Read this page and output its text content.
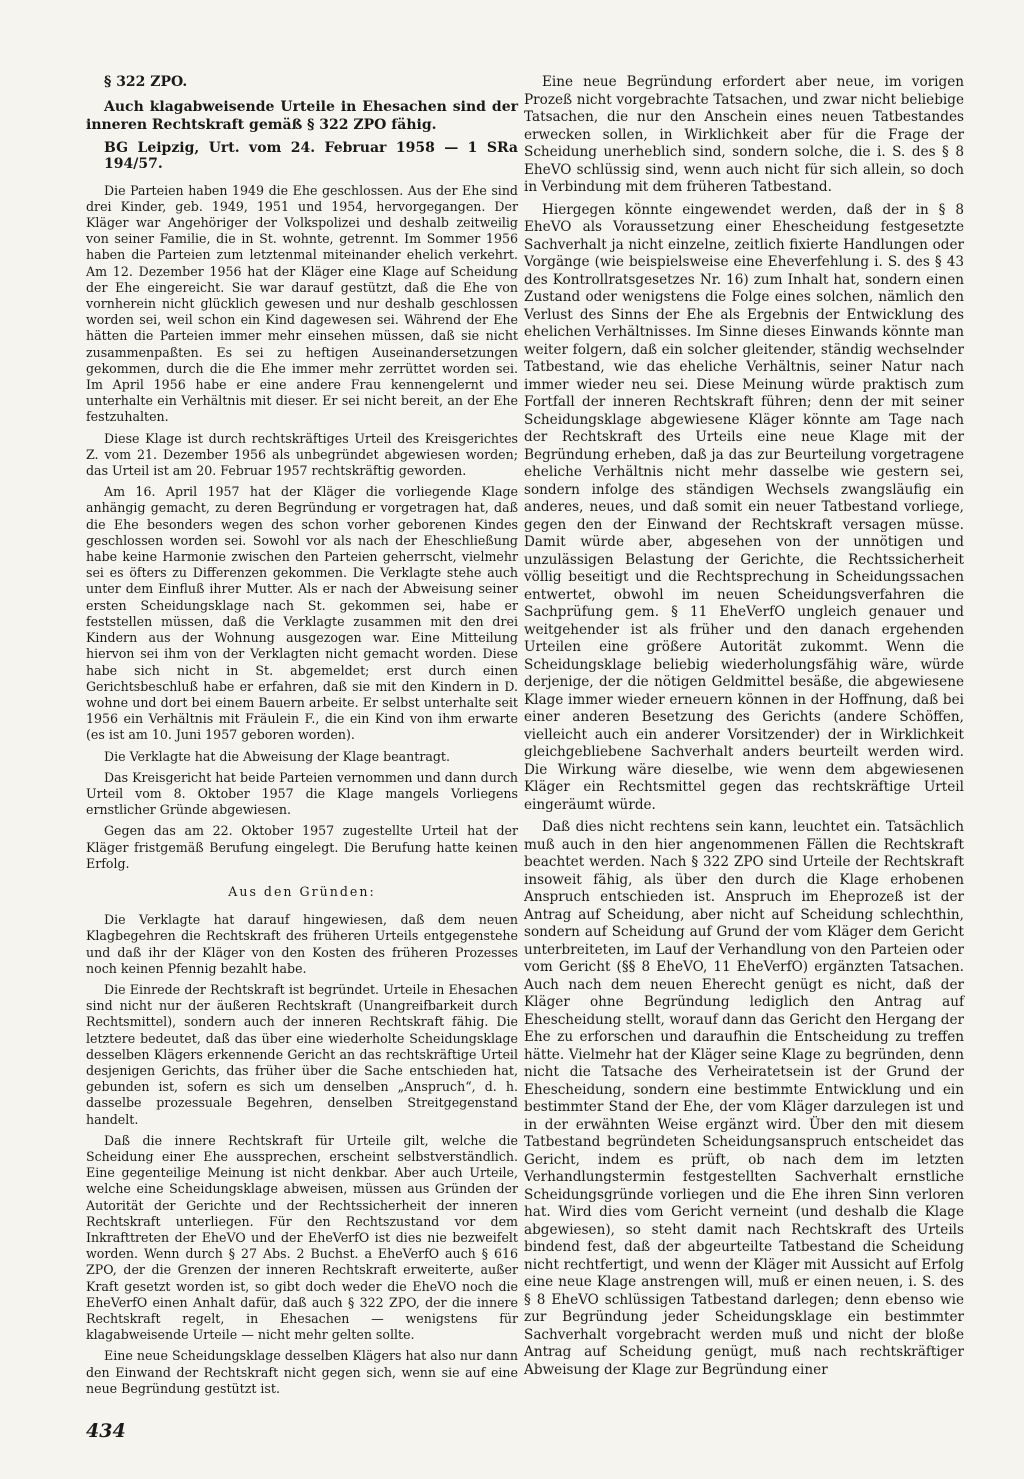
§ 322 ZPO.
Auch klagabweisende Urteile in Ehesachen sind der inneren Rechtskraft gemäß § 322 ZPO fähig.
BG Leipzig, Urt. vom 24. Februar 1958 — 1 SRa 194/57.

Die Parteien haben 1949 die Ehe geschlossen. Aus der Ehe sind drei Kinder, geb. 1949, 1951 und 1954, hervorgegangen. Der Kläger war Angehöriger der Volkspolizei und deshalb zeitweilig von seiner Familie, die in St. wohnte, getrennt. Im Sommer 1956 haben die Parteien zum letztenmal miteinander ehelich verkehrt. Am 12. Dezember 1956 hat der Kläger eine Klage auf Scheidung der Ehe eingereicht. Sie war darauf gestützt, daß die Ehe von vornherein nicht glücklich gewesen und nur deshalb geschlossen worden sei, weil schon ein Kind dagewesen sei. Während der Ehe hätten die Parteien immer mehr einsehen müssen, daß sie nicht zusammenpaßten. Es sei zu heftigen Auseinandersetzungen gekommen, durch die die Ehe immer mehr zerrüttet worden sei. Im April 1956 habe er eine andere Frau kennengelernt und unterhalte ein Verhältnis mit dieser. Er sei nicht bereit, an der Ehe festzuhalten.

Diese Klage ist durch rechtskräftiges Urteil des Kreisgerichtes Z. vom 21. Dezember 1956 als unbegründet abgewiesen worden; das Urteil ist am 20. Februar 1957 rechtskräftig geworden.

Am 16. April 1957 hat der Kläger die vorliegende Klage anhängig gemacht, zu deren Begründung er vorgetragen hat, daß die Ehe besonders wegen des schon vorher geborenen Kindes geschlossen worden sei. Sowohl vor als nach der Eheschließung habe keine Harmonie zwischen den Parteien geherrscht, vielmehr sei es öfters zu Differenzen gekommen. Die Verklagte stehe auch unter dem Einfluß ihrer Mutter. Als er nach der Abweisung seiner ersten Scheidungsklage nach St. gekommen sei, habe er feststellen müssen, daß die Verklagte zusammen mit den drei Kindern aus der Wohnung ausgezogen war. Eine Mitteilung hiervon sei ihm von der Verklagten nicht gemacht worden. Diese habe sich nicht in St. abgemeldet; erst durch einen Gerichtsbeschluß habe er erfahren, daß sie mit den Kindern in D. wohne und dort bei einem Bauern arbeite. Er selbst unterhalte seit 1956 ein Verhältnis mit Fräulein F., die ein Kind von ihm erwarte (es ist am 10. Juni 1957 geboren worden).

Die Verklagte hat die Abweisung der Klage beantragt.

Das Kreisgericht hat beide Parteien vernommen und dann durch Urteil vom 8. Oktober 1957 die Klage mangels Vorliegens ernstlicher Gründe abgewiesen.

Gegen das am 22. Oktober 1957 zugestellte Urteil hat der Kläger fristgemäß Berufung eingelegt. Die Berufung hatte keinen Erfolg.

Aus den Gründen:

Die Verklagte hat darauf hingewiesen, daß dem neuen Klagbegehren die Rechtskraft des früheren Urteils entgegenstehe und daß ihr der Kläger von den Kosten des früheren Prozesses noch keinen Pfennig bezahlt habe.

Die Einrede der Rechtskraft ist begründet. Urteile in Ehesachen sind nicht nur der äußeren Rechtskraft (Unangreifbarkeit durch Rechtsmittel), sondern auch der inneren Rechtskraft fähig. Die letztere bedeutet, daß das über eine wiederholte Scheidungsklage desselben Klägers erkennende Gericht an das rechtskräftige Urteil desjenigen Gerichts, das früher über die Sache entschieden hat, gebunden ist, sofern es sich um denselben „Anspruch“, d. h. dasselbe prozessuale Begehren, denselben Streitgegenstand handelt.

Daß die innere Rechtskraft für Urteile gilt, welche die Scheidung einer Ehe aussprechen, erscheint selbstverständlich. Eine gegenteilige Meinung ist nicht denkbar. Aber auch Urteile, welche eine Scheidungsklage abweisen, müssen aus Gründen der Autorität der Gerichte und der Rechtssicherheit der inneren Rechtskraft unterliegen. Für den Rechtszustand vor dem Inkrafttreten der EheVO und der EheVerfO ist dies nie bezweifelt worden. Wenn durch § 27 Abs. 2 Buchst. a EheVerfO auch § 616 ZPO, der die Grenzen der inneren Rechtskraft erweiterte, außer Kraft gesetzt worden ist, so gibt doch weder die EheVO noch die EheVerfO einen Anhalt dafür, daß auch § 322 ZPO, der die innere Rechtskraft regelt, in Ehesachen — wenigstens für klagabweisende Urteile — nicht mehr gelten sollte.

Eine neue Scheidungsklage desselben Klägers hat also nur dann den Einwand der Rechtskraft nicht gegen sich, wenn sie auf eine neue Begründung gestützt ist.

Eine neue Begründung erfordert aber neue, im vorigen Prozeß nicht vorgebrachte Tatsachen, und zwar nicht beliebige Tatsachen, die nur den Anschein eines neuen Tatbestandes erwecken sollen, in Wirklichkeit aber für die Frage der Scheidung unerheblich sind, sondern solche, die i. S. des § 8 EheVO schlüssig sind, wenn auch nicht für sich allein, so doch in Verbindung mit dem früheren Tatbestand.

Hiergegen könnte eingewendet werden, daß der in § 8 EheVO als Voraussetzung einer Ehescheidung festgesetzte Sachverhalt ja nicht einzelne, zeitlich fixierte Handlungen oder Vorgänge (wie beispielsweise eine Eheverfehlung i. S. des § 43 des Kontrollratsgesetzes Nr. 16) zum Inhalt hat, sondern einen Zustand oder wenigstens die Folge eines solchen, nämlich den Verlust des Sinns der Ehe als Ergebnis der Entwicklung des ehelichen Verhältnisses. Im Sinne dieses Einwands könnte man weiter folgern, daß ein solcher gleitender, ständig wechselnder Tatbestand, wie das eheliche Verhältnis, seiner Natur nach immer wieder neu sei. Diese Meinung würde praktisch zum Fortfall der inneren Rechtskraft führen; denn der mit seiner Scheidungsklage abgewiesene Kläger könnte am Tage nach der Rechtskraft des Urteils eine neue Klage mit der Begründung erheben, daß ja das zur Beurteilung vorgetragene eheliche Verhältnis nicht mehr dasselbe wie gestern sei, sondern infolge des ständigen Wechsels zwangsläufig ein anderes, neues, und daß somit ein neuer Tatbestand vorliege, gegen den der Einwand der Rechtskraft versagen müsse. Damit würde aber, abgesehen von der unnötigen und unzulässigen Belastung der Gerichte, die Rechtssicherheit völlig beseitigt und die Rechtsprechung in Scheidungssachen entwertet, obwohl im neuen Scheidungsverfahren die Sachprüfung gem. § 11 EheVerfO ungleich genauer und weitgehender ist als früher und den danach ergehenden Urteilen eine größere Autorität zukommt. Wenn die Scheidungsklage beliebig wiederholungsfähig wäre, würde derjenige, der die nötigen Geldmittel besäße, die abgewiesene Klage immer wieder erneuern können in der Hoffnung, daß bei einer anderen Besetzung des Gerichts (andere Schöffen, vielleicht auch ein anderer Vorsitzender) der in Wirklichkeit gleichgebliebene Sachverhalt anders beurteilt werden wird. Die Wirkung wäre dieselbe, wie wenn dem abgewiesenen Kläger ein Rechtsmittel gegen das rechtskräftige Urteil eingeräumt würde.

Daß dies nicht rechtens sein kann, leuchtet ein. Tatsächlich muß auch in den hier angenommenen Fällen die Rechtskraft beachtet werden. Nach § 322 ZPO sind Urteile der Rechtskraft insoweit fähig, als über den durch die Klage erhobenen Anspruch entschieden ist. Anspruch im Eheprozeß ist der Antrag auf Scheidung, aber nicht auf Scheidung schlechthin, sondern auf Scheidung auf Grund der vom Kläger dem Gericht unterbreiteten, im Lauf der Verhandlung von den Parteien oder vom Gericht (§§ 8 EheVO, 11 EheVerfO) ergänzten Tatsachen. Auch nach dem neuen Eherecht genügt es nicht, daß der Kläger ohne Begründung lediglich den Antrag auf Ehescheidung stellt, worauf dann das Gericht den Hergang der Ehe zu erforschen und daraufhin die Entscheidung zu treffen hätte. Vielmehr hat der Kläger seine Klage zu begründen, denn nicht die Tatsache des Verheiratetsein ist der Grund der Ehescheidung, sondern eine bestimmte Entwicklung und ein bestimmter Stand der Ehe, der vom Kläger darzulegen ist und in der erwähnten Weise ergänzt wird. Über den mit diesem Tatbestand begründeten Scheidungsanspruch entscheidet das Gericht, indem es prüft, ob nach dem im letzten Verhandlungstermin festgestellten Sachverhalt ernstliche Scheidungsgründe vorliegen und die Ehe ihren Sinn verloren hat. Wird dies vom Gericht verneint (und deshalb die Klage abgewiesen), so steht damit nach Rechtskraft des Urteils bindend fest, daß der abgeurteilte Tatbestand die Scheidung nicht rechtfertigt, und wenn der Kläger mit Aussicht auf Erfolg eine neue Klage anstrengen will, muß er einen neuen, i. S. des § 8 EheVO schlüssigen Tatbestand darlegen; denn ebenso wie zur Begründung jeder Scheidungsklage ein bestimmter Sachverhalt vorgebracht werden muß und nicht der bloße Antrag auf Scheidung genügt, muß nach rechtskräftiger Abweisung der Klage zur Begründung einer

434
